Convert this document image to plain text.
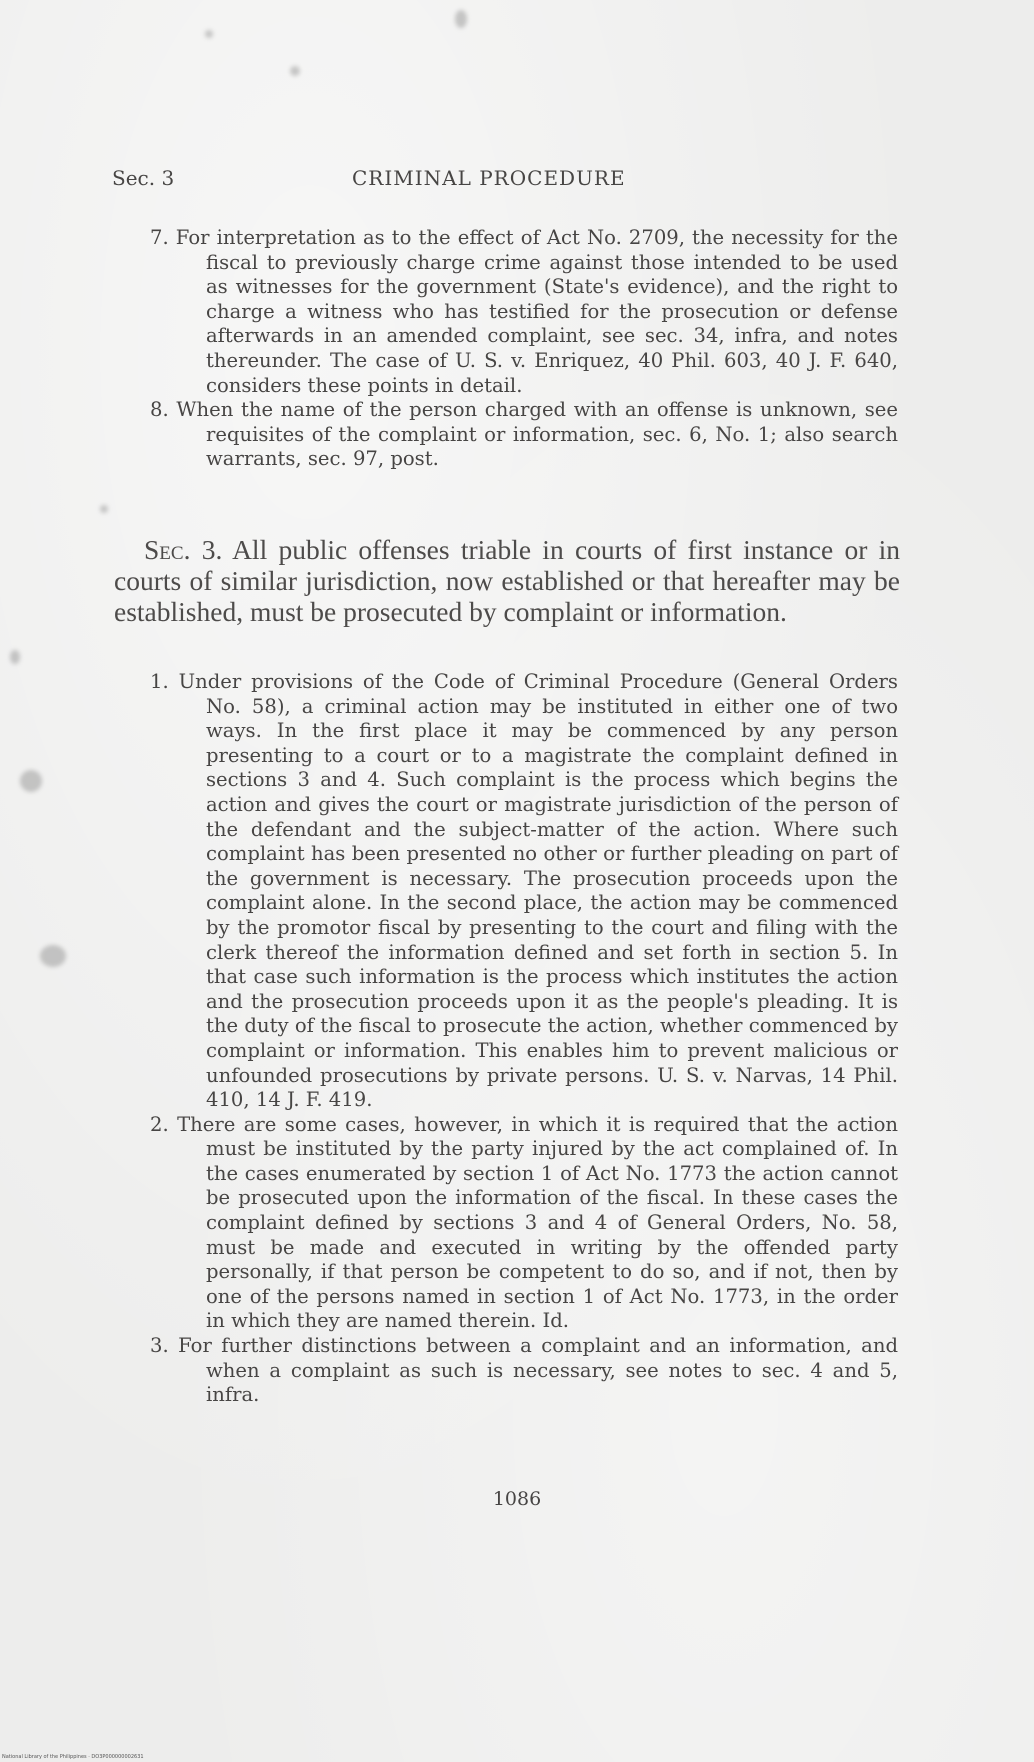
Sec. 3	CRIMINAL PROCEDURE

7. For interpretation as to the effect of Act No. 2709, the necessity for the fiscal to previously charge crime against those intended to be used as witnesses for the government (State's evidence), and the right to charge a witness who has testified for the prosecution or defense afterwards in an amended complaint, see sec. 34, infra, and notes thereunder. The case of U. S. v. Enriquez, 40 Phil. 603, 40 J. F. 640, considers these points in detail.

8. When the name of the person charged with an offense is unknown, see requisites of the complaint or information, sec. 6, No. 1; also search warrants, sec. 97, post.

Sec. 3. All public offenses triable in courts of first instance or in courts of similar jurisdiction, now established or that hereafter may be established, must be prosecuted by complaint or information.

1. Under provisions of the Code of Criminal Procedure (General Orders No. 58), a criminal action may be instituted in either one of two ways. In the first place it may be commenced by any person presenting to a court or to a magistrate the complaint defined in sections 3 and 4. Such complaint is the process which begins the action and gives the court or magistrate jurisdiction of the person of the defendant and the subject-matter of the action. Where such complaint has been presented no other or further pleading on part of the government is necessary. The prosecution proceeds upon the complaint alone. In the second place, the action may be commenced by the promotor fiscal by presenting to the court and filing with the clerk thereof the information defined and set forth in section 5. In that case such information is the process which institutes the action and the prosecution proceeds upon it as the people's pleading. It is the duty of the fiscal to prosecute the action, whether commenced by complaint or information. This enables him to prevent malicious or unfounded prosecutions by private persons. U. S. v. Narvas, 14 Phil. 410, 14 J. F. 419.

2. There are some cases, however, in which it is required that the action must be instituted by the party injured by the act complained of. In the cases enumerated by section 1 of Act No. 1773 the action cannot be prosecuted upon the information of the fiscal. In these cases the complaint defined by sections 3 and 4 of General Orders, No. 58, must be made and executed in writing by the offended party personally, if that person be competent to do so, and if not, then by one of the persons named in section 1 of Act No. 1773, in the order in which they are named therein. Id.

3. For further distinctions between a complaint and an information, and when a complaint as such is necessary, see notes to sec. 4 and 5, infra.

1086
National Library of the Philippines · DO3P000000002631
